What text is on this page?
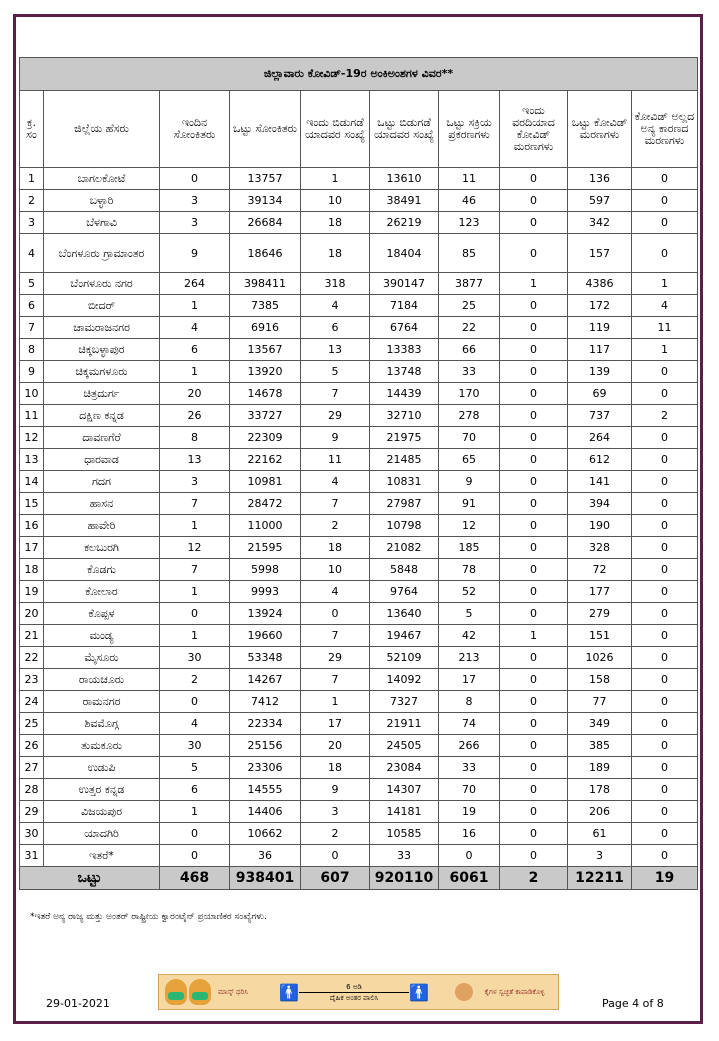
ಜಿಲ್ಲಾವಾರು ಕೋವಿಡ್-19ರ ಅಂಕಿಅಂಶಗಳ ವಿವರ**									
ಕ್ರ. ಸಂ	ಜಿಲ್ಲೆಯ ಹೆಸರು	ಇಂದಿನ ಸೋಂಕಿತರು	ಒಟ್ಟು ಸೋಂಕಿತರು	ಇಂದು ಬಿಡುಗಡೆ ಯಾದವರ ಸಂಖ್ಯೆ	ಒಟ್ಟು ಬಿಡುಗಡೆ ಯಾದವರ ಸಂಖ್ಯೆ	ಒಟ್ಟು ಸಕ್ರಿಯ ಪ್ರಕರಣಗಳು	ಇಂದು ವರದಿಯಾದ ಕೋವಿಡ್ ಮರಣಗಳು	ಒಟ್ಟು ಕೋವಿಡ್ ಮರಣಗಳು	ಕೋವಿಡ್ ಅಲ್ಲದ ಅನ್ಯ ಕಾರಣದ ಮರಣಗಳು
1	ಬಾಗಲಕೋಟೆ	0	13757	1	13610	11	0	136	0
2	ಬಳ್ಳಾರಿ	3	39134	10	38491	46	0	597	0
3	ಬೆಳಗಾವಿ	3	26684	18	26219	123	0	342	0
4	ಬೆಂಗಳೂರು ಗ್ರಾಮಾಂತರ	9	18646	18	18404	85	0	157	0
5	ಬೆಂಗಳೂರು ನಗರ	264	398411	318	390147	3877	1	4386	1
6	ಬೀದರ್	1	7385	4	7184	25	0	172	4
7	ಚಾಮರಾಜನಗರ	4	6916	6	6764	22	0	119	11
8	ಚಿಕ್ಕಬಳ್ಳಾಪುರ	6	13567	13	13383	66	0	117	1
9	ಚಿಕ್ಕಮಗಳೂರು	1	13920	5	13748	33	0	139	0
10	ಚಿತ್ರದುರ್ಗ	20	14678	7	14439	170	0	69	0
11	ದಕ್ಷಿಣ ಕನ್ನಡ	26	33727	29	32710	278	0	737	2
12	ದಾವಣಗೆರೆ	8	22309	9	21975	70	0	264	0
13	ಧಾರವಾಡ	13	22162	11	21485	65	0	612	0
14	ಗದಗ	3	10981	4	10831	9	0	141	0
15	ಹಾಸನ	7	28472	7	27987	91	0	394	0
16	ಹಾವೇರಿ	1	11000	2	10798	12	0	190	0
17	ಕಲಬುರಗಿ	12	21595	18	21082	185	0	328	0
18	ಕೊಡಗು	7	5998	10	5848	78	0	72	0
19	ಕೋಲಾರ	1	9993	4	9764	52	0	177	0
20	ಕೊಪ್ಪಳ	0	13924	0	13640	5	0	279	0
21	ಮಂಡ್ಯ	1	19660	7	19467	42	1	151	0
22	ಮೈಸೂರು	30	53348	29	52109	213	0	1026	0
23	ರಾಯಚೂರು	2	14267	7	14092	17	0	158	0
24	ರಾಮನಗರ	0	7412	1	7327	8	0	77	0
25	ಶಿವಮೊಗ್ಗ	4	22334	17	21911	74	0	349	0
26	ತುಮಕೂರು	30	25156	20	24505	266	0	385	0
27	ಉಡುಪಿ	5	23306	18	23084	33	0	189	0
28	ಉತ್ತರ ಕನ್ನಡ	6	14555	9	14307	70	0	178	0
29	ವಿಜಯಪುರ	1	14406	3	14181	19	0	206	0
30	ಯಾದಗಿರಿ	0	10662	2	10585	16	0	61	0
31	ಇತರೆ*	0	36	0	33	0	0	3	0
ಒಟ್ಟು		468	938401	607	920110	6061	2	12211	19
*ಇತರೆ ಅನ್ಯ ರಾಜ್ಯ ಮತ್ತು ಅಂತರ್ ರಾಷ್ಟ್ರೀಯ ಕ್ವಾರಂಟೈನ್ ಪ್ರಯಾಣಿಕರ ಸಂಖ್ಯೆಗಳು.
29-01-2021
ಮಾಸ್ಕ್ ಧರಿಸಿ	🚹	6 ಅಡಿ
ದೈಹಿಕ ಅಂತರ ಪಾಲಿಸಿ	🚹	ಕೈಗಳ ಸ್ವಚ್ಛತೆ ಕಾಪಾಡಿಕೊಳ್ಳಿ
Page 4 of 8
